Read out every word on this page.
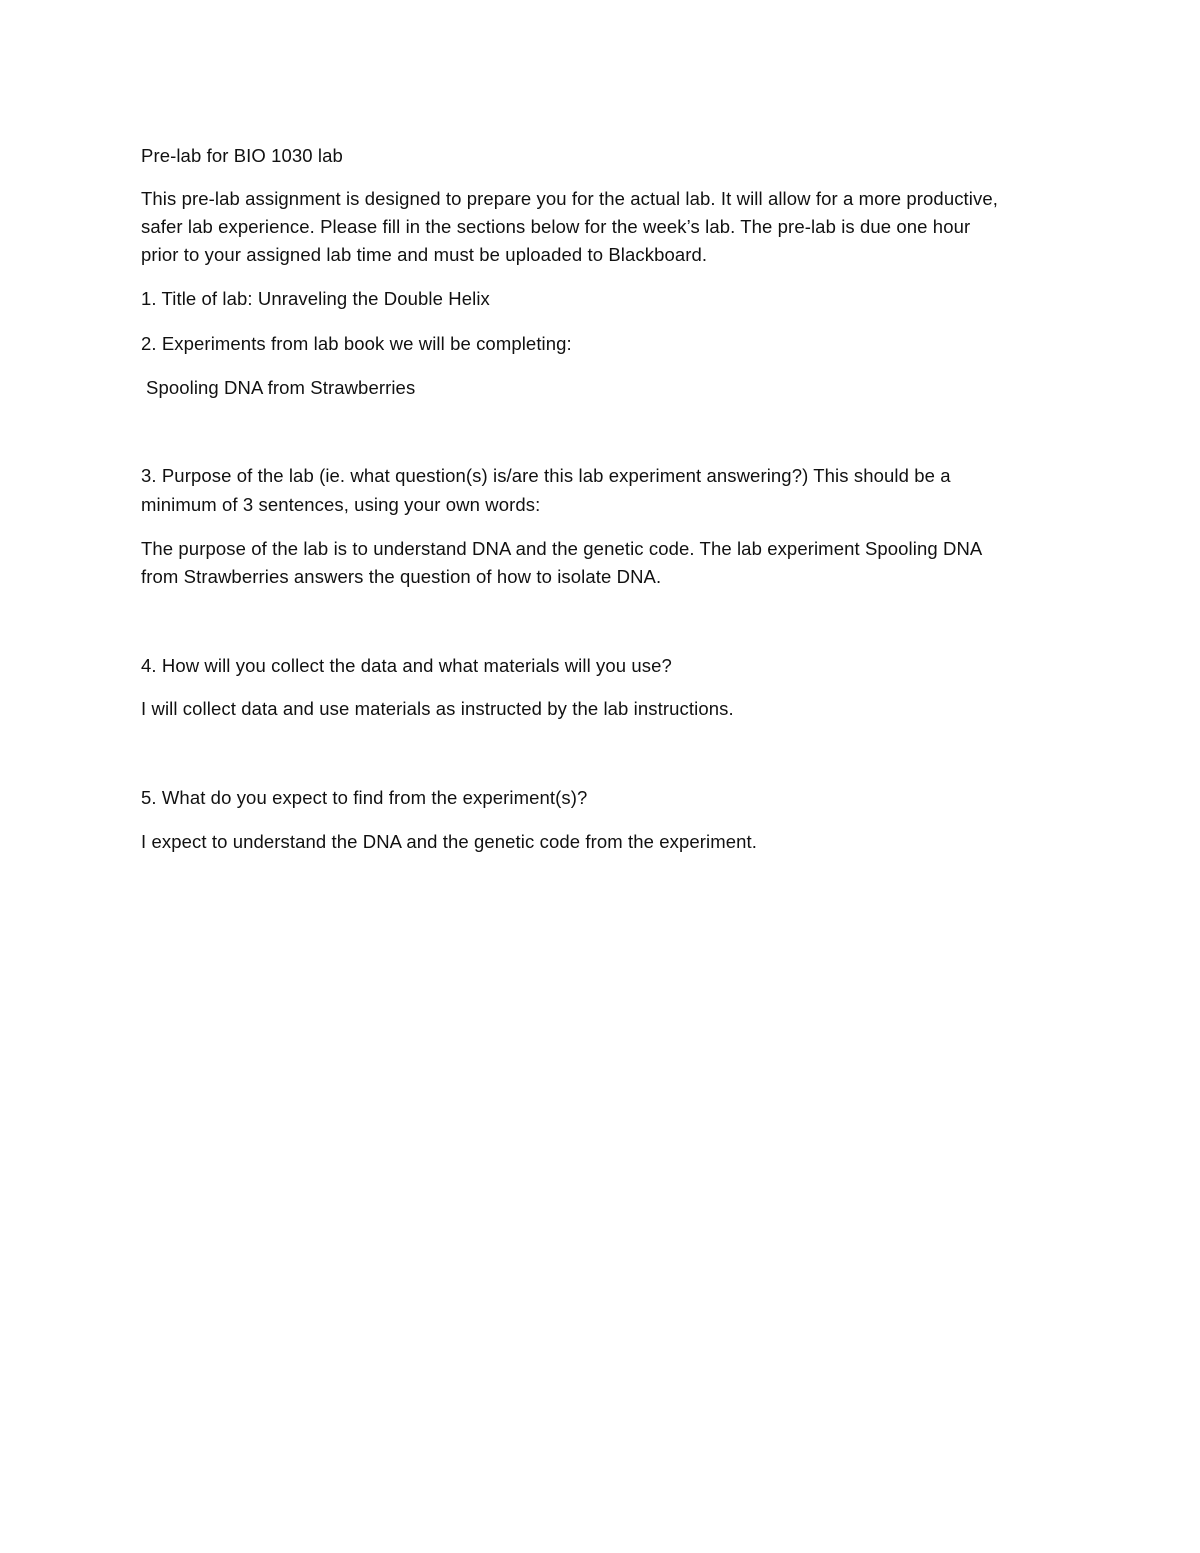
Pre-lab for BIO 1030 lab
This pre-lab assignment is designed to prepare you for the actual lab. It will allow for a more productive,
safer lab experience. Please fill in the sections below for the week’s lab. The pre-lab is due one hour
prior to your assigned lab time and must be uploaded to Blackboard.
1. Title of lab: Unraveling the Double Helix
2. Experiments from lab book we will be completing:
Spooling DNA from Strawberries
3. Purpose of the lab (ie. what question(s) is/are this lab experiment answering?) This should be a
minimum of 3 sentences, using your own words:
The purpose of the lab is to understand DNA and the genetic code. The lab experiment Spooling DNA
from Strawberries answers the question of how to isolate DNA.
4. How will you collect the data and what materials will you use?
I will collect data and use materials as instructed by the lab instructions.
5. What do you expect to find from the experiment(s)?
I expect to understand the DNA and the genetic code from the experiment.
